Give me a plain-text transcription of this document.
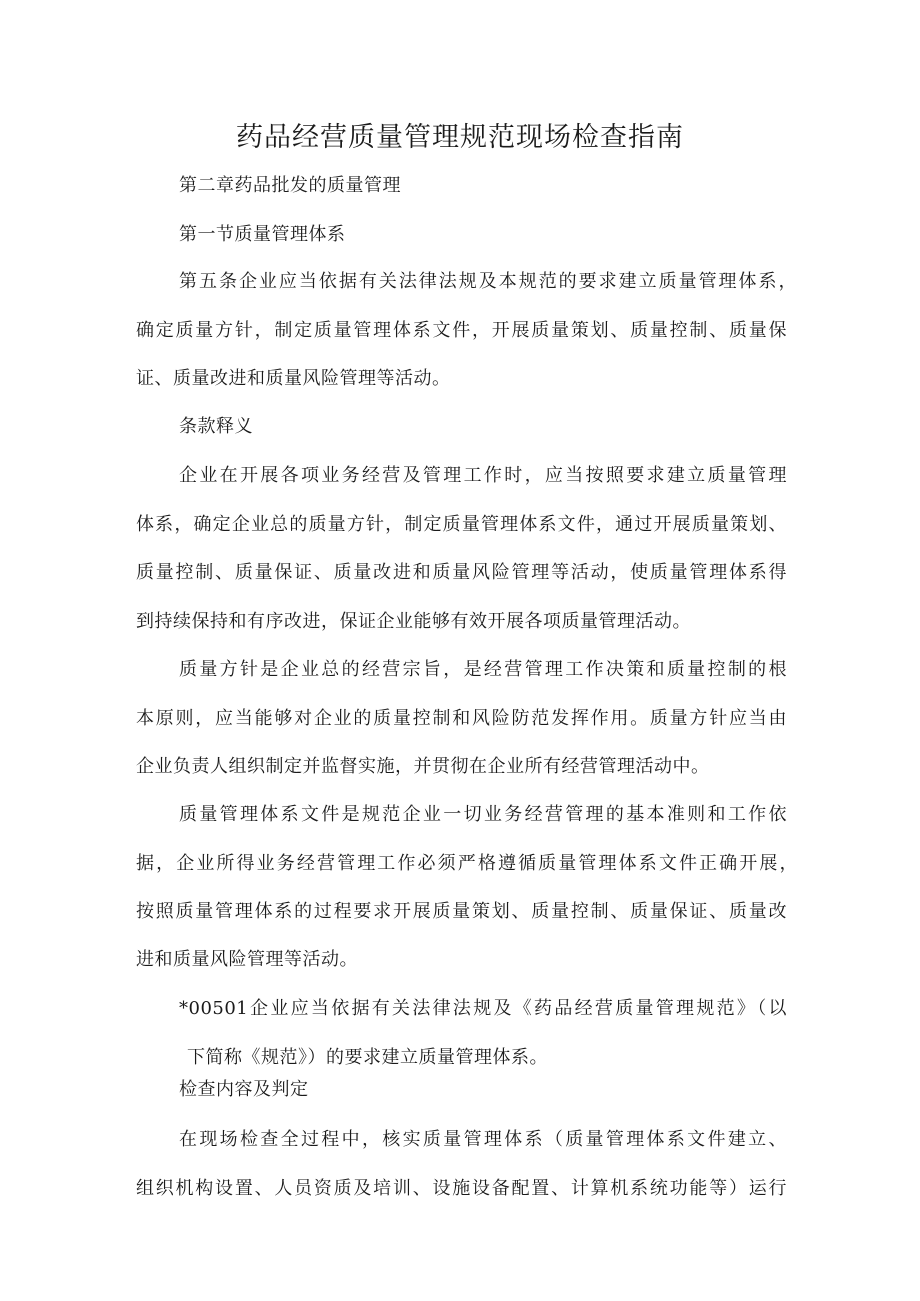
药品经营质量管理规范现场检查指南
第二章药品批发的质量管理
第一节质量管理体系
第五条企业应当依据有关法律法规及本规范的要求建立质量管理体系，
确定质量方针，制定质量管理体系文件，开展质量策划、质量控制、质量保
证、质量改进和质量风险管理等活动。
条款释义
企业在开展各项业务经营及管理工作时，应当按照要求建立质量管理
体系，确定企业总的质量方针，制定质量管理体系文件，通过开展质量策划、
质量控制、质量保证、质量改进和质量风险管理等活动，使质量管理体系得
到持续保持和有序改进，保证企业能够有效开展各项质量管理活动。
质量方针是企业总的经营宗旨，是经营管理工作决策和质量控制的根
本原则，应当能够对企业的质量控制和风险防范发挥作用。质量方针应当由
企业负责人组织制定并监督实施，并贯彻在企业所有经营管理活动中。
质量管理体系文件是规范企业一切业务经营管理的基本准则和工作依
据，企业所得业务经营管理工作必须严格遵循质量管理体系文件正确开展，
按照质量管理体系的过程要求开展质量策划、质量控制、质量保证、质量改
进和质量风险管理等活动。
*00501企业应当依据有关法律法规及《药品经营质量管理规范》（以
下简称《规范》）的要求建立质量管理体系。
检查内容及判定
在现场检查全过程中，核实质量管理体系（质量管理体系文件建立、
组织机构设置、人员资质及培训、设施设备配置、计算机系统功能等）运行
